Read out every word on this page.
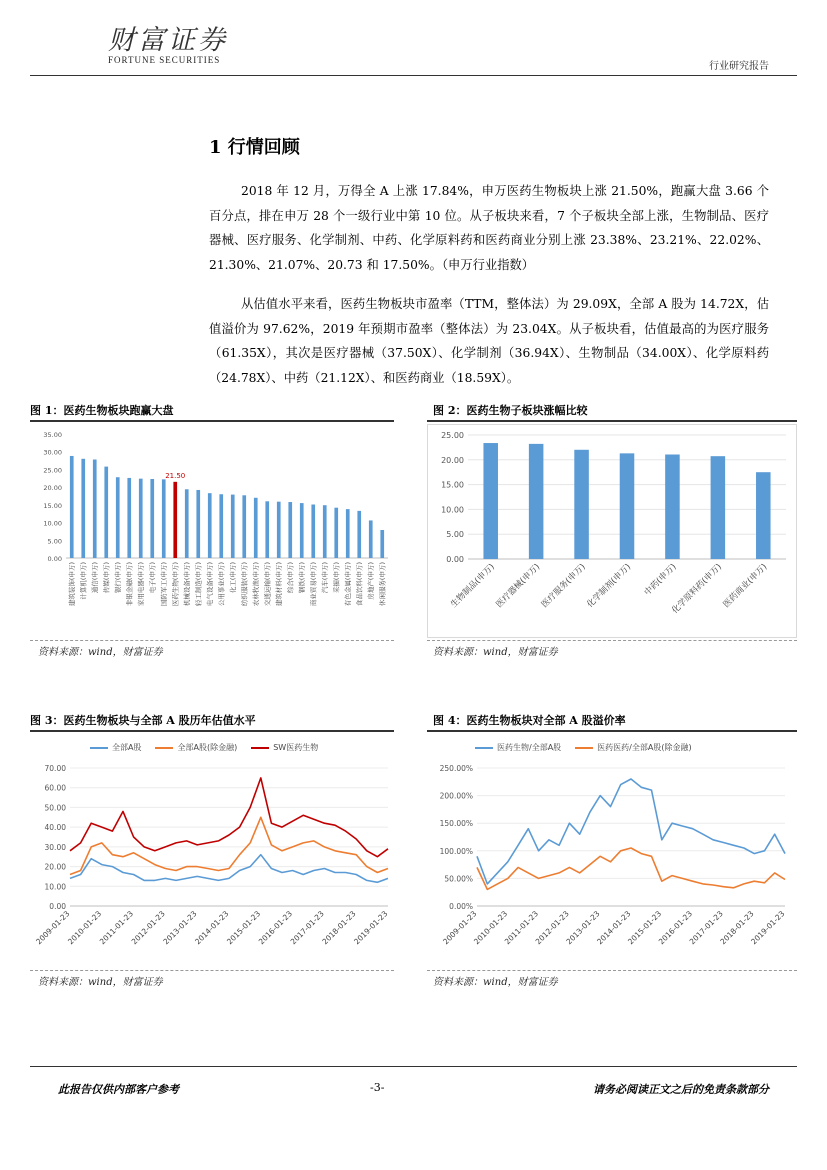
财富证券
FORTUNE SECURITIES
行业研究报告
1 行情回顾

2018 年 12 月，万得全 A 上涨 17.84%，申万医药生物板块上涨 21.50%，跑赢大盘 3.66 个百分点，排在申万 28 个一级行业中第 10 位。从子板块来看，7 个子板块全部上涨，生物制品、医疗器械、医疗服务、化学制剂、中药、化学原料药和医药商业分别上涨 23.38%、23.21%、22.02%、21.30%、21.07%、20.73 和 17.50%。（申万行业指数）

从估值水平来看，医药生物板块市盈率（TTM，整体法）为 29.09X，全部 A 股为 14.72X，估值溢价为 97.62%，2019 年预期市盈率（整体法）为 23.04X。从子板块看，估值最高的为医疗服务（61.35X），其次是医疗器械（37.50X）、化学制剂（36.94X）、生物制品（34.00X）、化学原料药（24.78X）、中药（21.12X）、和医药商业（18.59X）。

图 1：医药生物板块跑赢大盘
0.00
5.00
10.00
15.00
20.00
25.00
30.00
35.00
建筑装饰(申万) 计算机(申万) 通信(申万) 传媒(申万) 银行(申万) 非银金融(申万) 家用电器(申万) 电子(申万) 国防军工(申万)
21.50
医药生物(申万) 机械设备(申万) 轻工制造(申万) 电气设备(申万) 公用事业(申万) 化工(申万) 纺织服装(申万) 农林牧渔(申万) 交通运输(申万) 建筑材料(申万) 综合(申万) 钢铁(申万) 商业贸易(申万) 汽车(申万) 采掘(申万) 有色金属(申万) 食品饮料(申万) 房地产(申万) 休闲服务(申万)
资料来源：wind，财富证券
图 2：医药生物子板块涨幅比较
0.00
5.00
10.00
15.00
20.00
25.00
生物制品(申万)
医疗器械(申万)
医疗服务(申万)
化学制剂(申万) 中药(申万)
化学原料药(申万)
医药商业(申万)
资料来源：wind，财富证券
图 3：医药生物板块与全部 A 股历年估值水平
全部A股	全部A股(除金融)	SW医药生物
0.00
10.00
20.00
30.00
40.00
50.00
60.00
70.00
2009-01-23
2010-01-23
2011-01-23
2012-01-23
2013-01-23
2014-01-23
2015-01-23
2016-01-23
2017-01-23
2018-01-23
2019-01-23
资料来源：wind，财富证券
图 4：医药生物板块对全部 A 股溢价率
医药生物/全部A股	医药医药/全部A股(除金融)
0.00%
50.00%
100.00%
150.00%
200.00%
250.00%
2009-01-23
2010-01-23
2011-01-23
2012-01-23
2013-01-23
2014-01-23
2015-01-23
2016-01-23
2017-01-23
2018-01-23
2019-01-23
资料来源：wind，财富证券
此报告仅供内部客户参考	-3-	请务必阅读正文之后的免责条款部分
